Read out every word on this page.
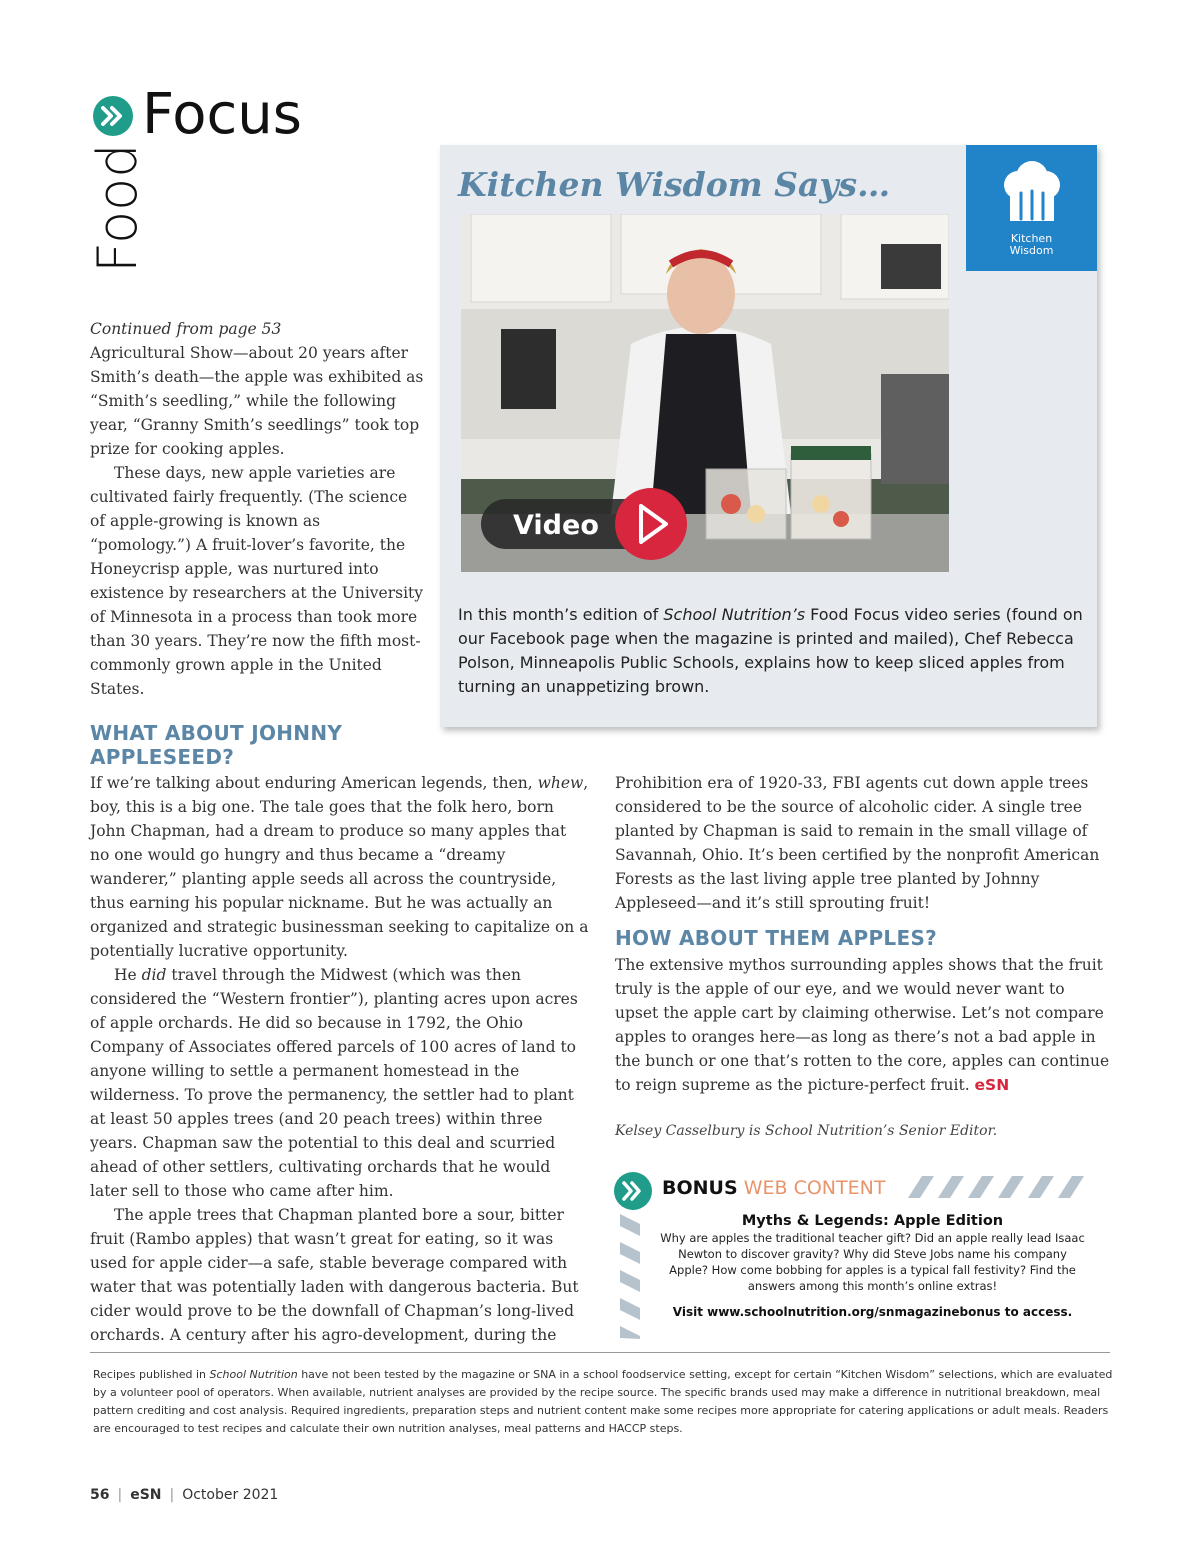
Focus
Food

Continued from page 53

Agricultural Show—about 20 years after Smith’s death—the apple was exhibited as “Smith’s seedling,” while the following year, “Granny Smith’s seedlings” took top prize for cooking apples.

These days, new apple varieties are cultivated fairly frequently. (The science of apple-growing is known as “pomology.”) A fruit-lover’s favorite, the Honeycrisp apple, was nurtured into existence by researchers at the University of Minnesota in a process than took more than 30 years. They’re now the fifth most-commonly grown apple in the United States.

Kitchen Wisdom Says…
Kitchen
Wisdom
Video
In this month’s edition of School Nutrition’s Food Focus video series (found on our Facebook page when the magazine is printed and mailed), Chef Rebecca Polson, Minneapolis Public Schools, explains how to keep sliced apples from turning an unappetizing brown.
WHAT ABOUT JOHNNY
APPLESEED?

If we’re talking about enduring American legends, then, whew, boy, this is a big one. The tale goes that the folk hero, born John Chapman, had a dream to produce so many apples that no one would go hungry and thus became a “dreamy wanderer,” planting apple seeds all across the countryside, thus earning his popular nickname. But he was actually an organized and strategic businessman seeking to capitalize on a potentially lucrative opportunity.

He did travel through the Midwest (which was then considered the “Western frontier”), planting acres upon acres of apple orchards. He did so because in 1792, the Ohio Company of Associates offered parcels of 100 acres of land to anyone willing to settle a permanent homestead in the wilderness. To prove the permanency, the settler had to plant at least 50 apples trees (and 20 peach trees) within three years. Chapman saw the potential to this deal and scurried ahead of other settlers, cultivating orchards that he would later sell to those who came after him.

The apple trees that Chapman planted bore a sour, bitter fruit (Rambo apples) that wasn’t great for eating, so it was used for apple cider—a safe, stable beverage compared with water that was potentially laden with dangerous bacteria. But cider would prove to be the downfall of Chapman’s long-lived orchards. A century after his agro-development, during the

Prohibition era of 1920-33, FBI agents cut down apple trees considered to be the source of alcoholic cider. A single tree planted by Chapman is said to remain in the small village of Savannah, Ohio. It’s been certified by the nonprofit American Forests as the last living apple tree planted by Johnny Appleseed—and it’s still sprouting fruit!

HOW ABOUT THEM APPLES?

The extensive mythos surrounding apples shows that the fruit truly is the apple of our eye, and we would never want to upset the apple cart by claiming otherwise. Let’s not compare apples to oranges here—as long as there’s not a bad apple in the bunch or one that’s rotten to the core, apples can continue to reign supreme as the picture-perfect fruit. eSN

Kelsey Casselbury is School Nutrition’s Senior Editor.

BONUS WEB CONTENT
Myths & Legends: Apple Edition
Why are apples the traditional teacher gift? Did an apple really lead Isaac Newton to discover gravity? Why did Steve Jobs name his company Apple? How come bobbing for apples is a typical fall festivity? Find the answers among this month’s online extras!
Visit www.schoolnutrition.org/snmagazinebonus to access.
Recipes published in School Nutrition have not been tested by the magazine or SNA in a school foodservice setting, except for certain “Kitchen Wisdom” selections, which are evaluated by a volunteer pool of operators. When available, nutrient analyses are provided by the recipe source. The specific brands used may make a difference in nutritional breakdown, meal pattern crediting and cost analysis. Required ingredients, preparation steps and nutrient content make some recipes more appropriate for catering applications or adult meals. Readers are encouraged to test recipes and calculate their own nutrition analyses, meal patterns and HACCP steps.
56 | eSN | October 2021
